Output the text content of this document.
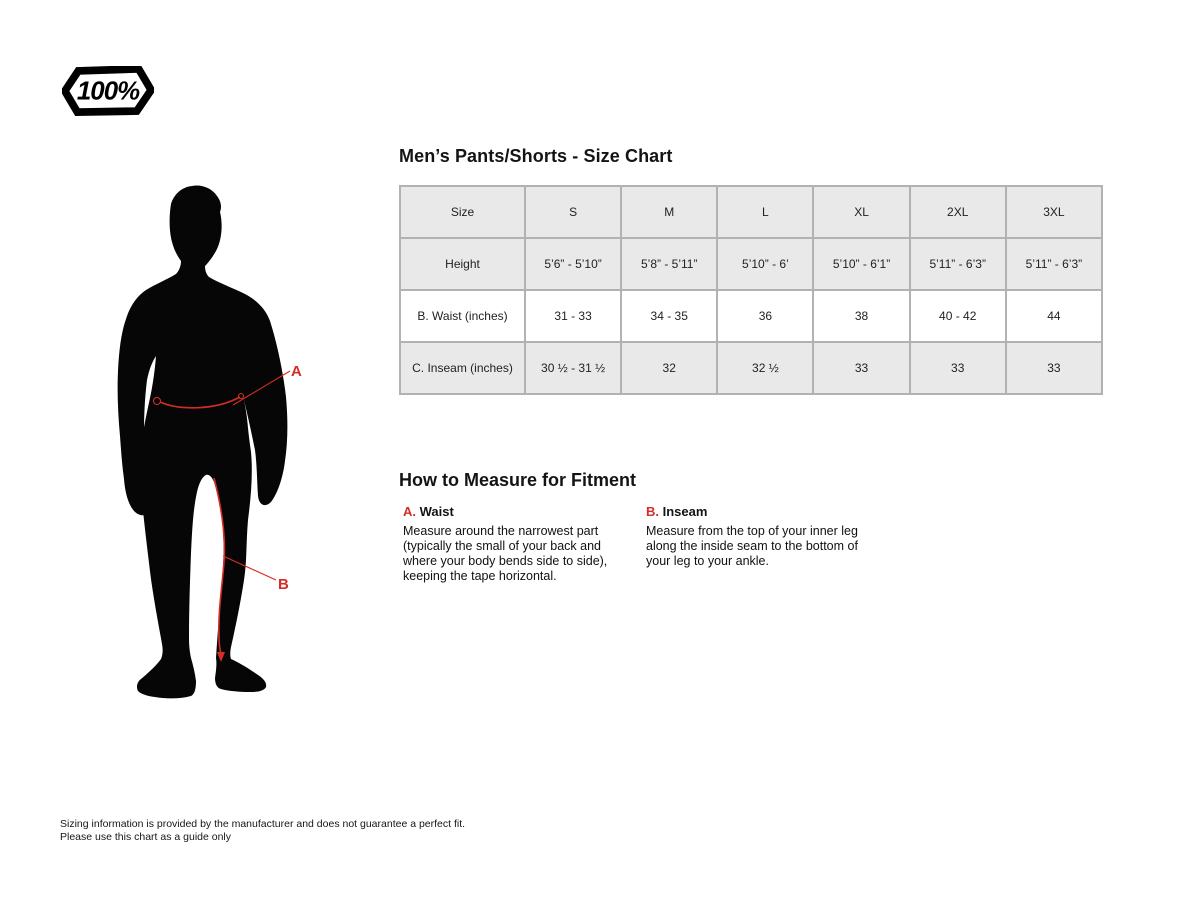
100%
A
B
Men’s Pants/Shorts - Size Chart
Size	S	M	L	XL	2XL	3XL
Height	5’6” - 5’10”	5’8” - 5’11”	5’10” - 6’	5’10” - 6’1”	5’11” - 6’3”	5’11” - 6’3”
B. Waist (inches)	31 - 33	34 - 35	36	38	40 - 42	44
C. Inseam (inches)	30 ½ - 31 ½	32	32 ½	33	33	33
How to Measure for Fitment
A. Waist

Measure around the narrowest part (typically the small of your back and where your body bends side to side), keeping the tape horizontal.

B. Inseam

Measure from the top of your inner leg along the inside seam to the bottom of your leg to your ankle.

Sizing information is provided by the manufacturer and does not guarantee a perfect fit.
Please use this chart as a guide only
